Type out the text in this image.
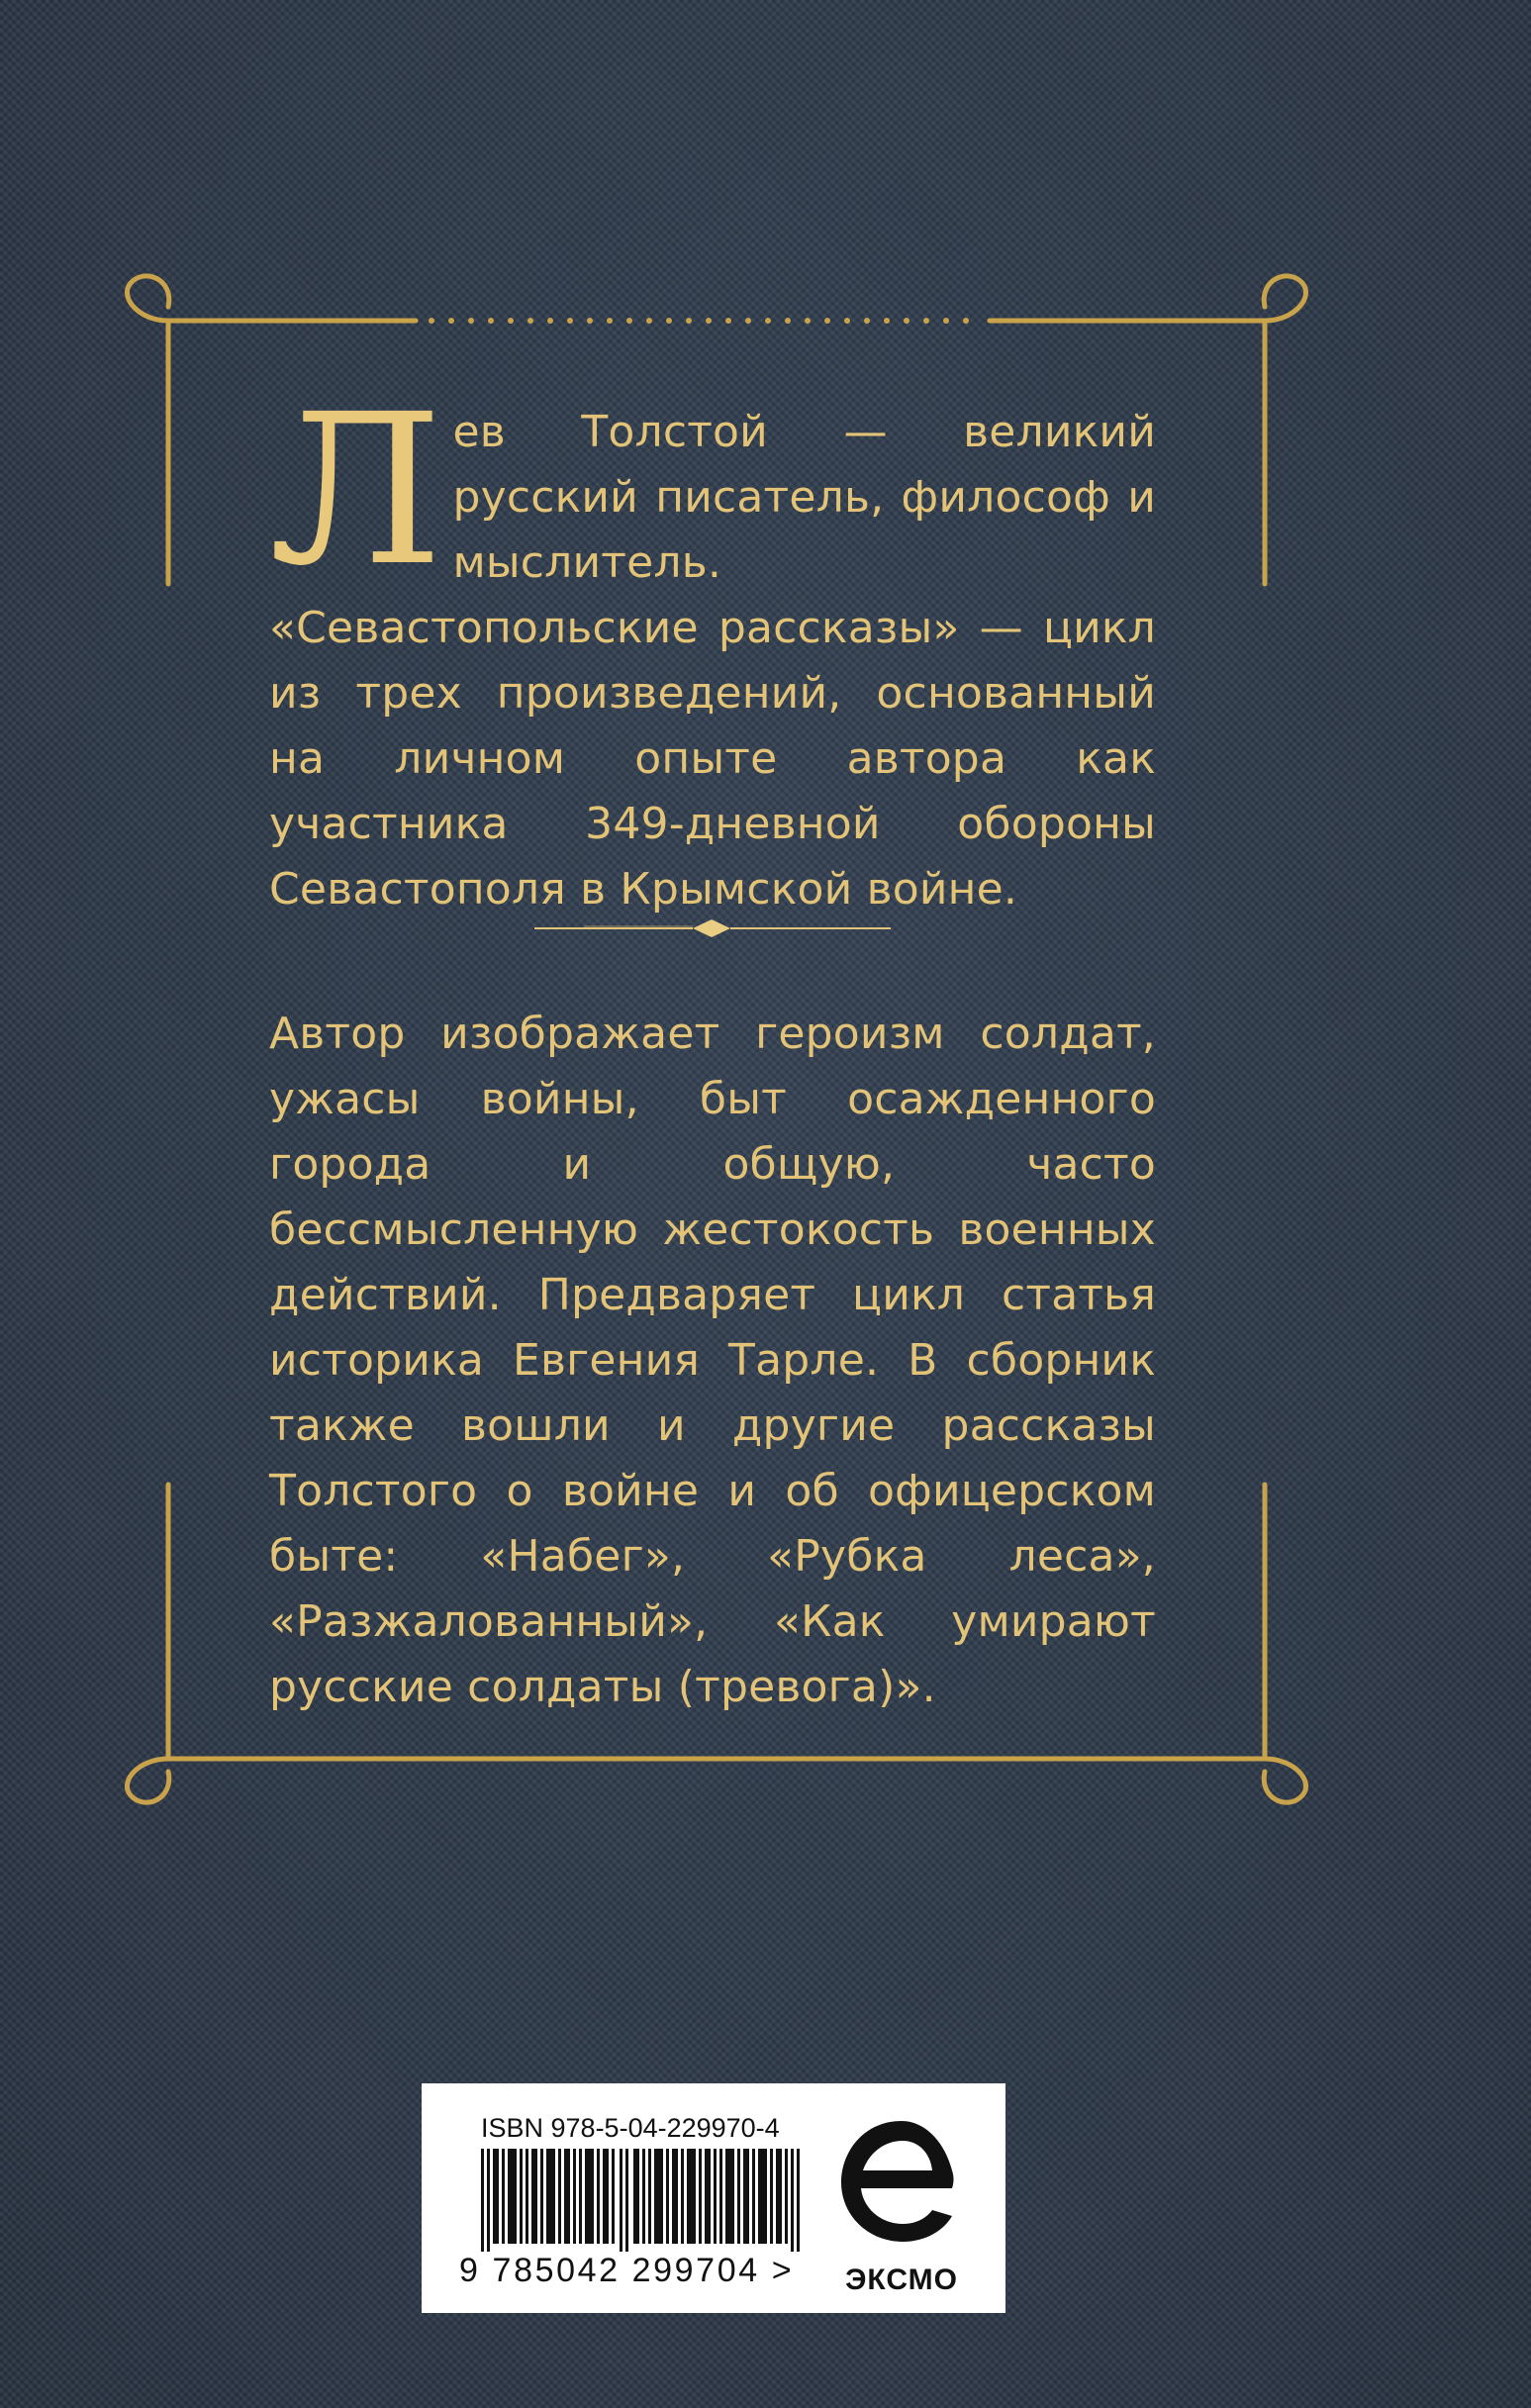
Л ев Толстой — великий русский писатель, философ и мыслитель. «Севастопольские рассказы» — цикл из трех произведений, основанный на личном опыте автора как участника 349-дневной обороны Севастополя в Крымской войне.
Автор изображает героизм солдат, ужасы войны, быт осажденного города и общую, часто бессмысленную жестокость военных действий. Предваряет цикл статья историка Евгения Тарле. В сборник также вошли и другие рассказы Толстого о войне и об офицерском быте: «Набег», «Рубка леса», «Разжалованный», «Как умирают русские солдаты (тревога)».
ISBN 978-5-04-229970-4
9 785042 299704 >	ЭКСМО
